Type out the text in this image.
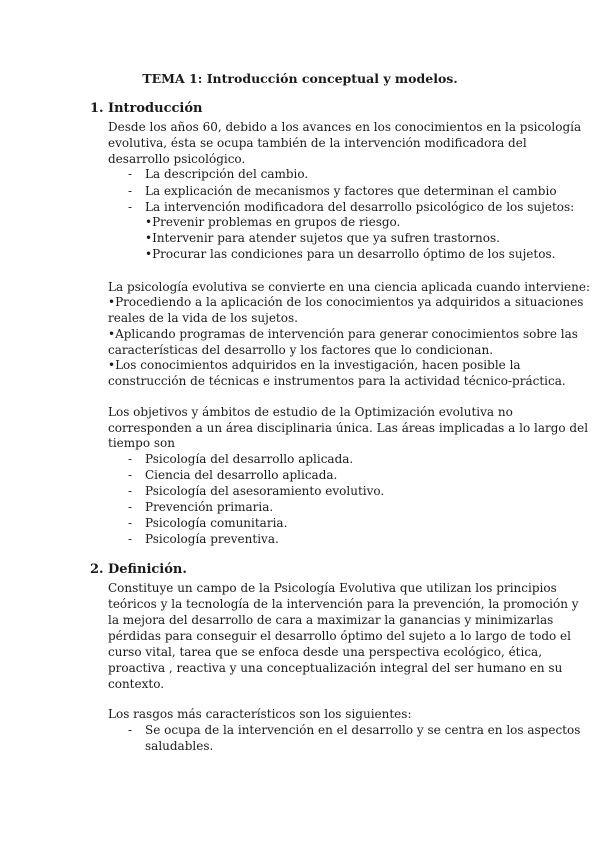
TEMA 1: Introducción conceptual y modelos.
1. Introducción
Desde los años 60, debido a los avances en los conocimientos en la psicología
evolutiva, ésta se ocupa también de la intervención modificadora del
desarrollo psicológico.
- La descripción del cambio.
- La explicación de mecanismos y factores que determinan el cambio
- La intervención modificadora del desarrollo psicológico de los sujetos:
•Prevenir problemas en grupos de riesgo.
•Intervenir para atender sujetos que ya sufren trastornos.
•Procurar las condiciones para un desarrollo óptimo de los sujetos.
La psicología evolutiva se convierte en una ciencia aplicada cuando interviene:
•Procediendo a la aplicación de los conocimientos ya adquiridos a situaciones
reales de la vida de los sujetos.
•Aplicando programas de intervención para generar conocimientos sobre las
características del desarrollo y los factores que lo condicionan.
•Los conocimientos adquiridos en la investigación, hacen posible la
construcción de técnicas e instrumentos para la actividad técnico-práctica.
Los objetivos y ámbitos de estudio de la Optimización evolutiva no
corresponden a un área disciplinaria única. Las áreas implicadas a lo largo del
tiempo son
- Psicología del desarrollo aplicada.
- Ciencia del desarrollo aplicada.
- Psicología del asesoramiento evolutivo.
- Prevención primaria.
- Psicología comunitaria.
- Psicología preventiva.
2. Definición.
Constituye un campo de la Psicología Evolutiva que utilizan los principios
teóricos y la tecnología de la intervención para la prevención, la promoción y
la mejora del desarrollo de cara a maximizar la ganancias y minimizarlas
pérdidas para conseguir el desarrollo óptimo del sujeto a lo largo de todo el
curso vital, tarea que se enfoca desde una perspectiva ecológico, ética,
proactiva , reactiva y una conceptualización integral del ser humano en su
contexto.
Los rasgos más característicos son los siguientes:
- Se ocupa de la intervención en el desarrollo y se centra en los aspectos
saludables.
